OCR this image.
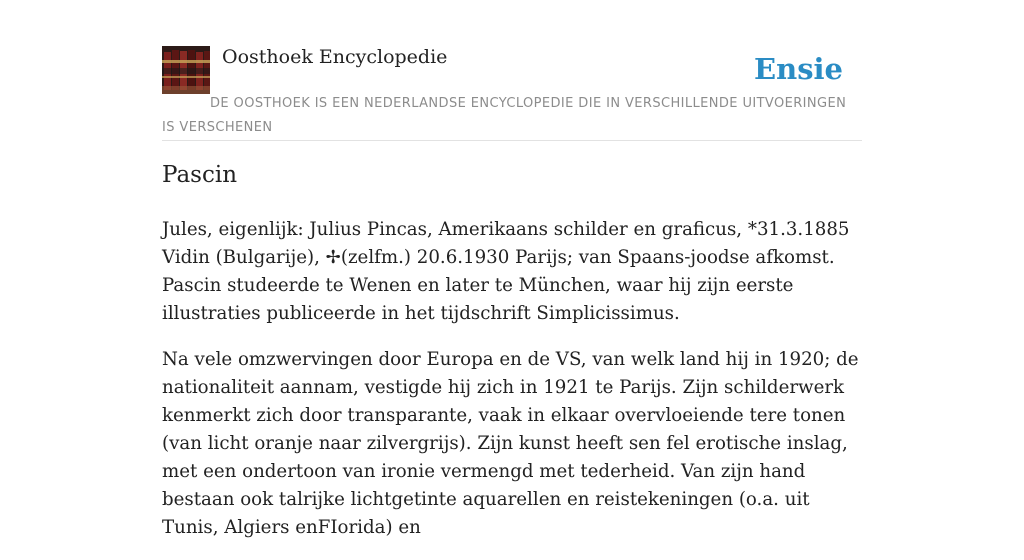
Oosthoek Encyclopedie	Ensie
DE OOSTHOEK IS EEN NEDERLANDSE ENCYCLOPEDIE DIE IN VERSCHILLENDE UITVOERINGEN IS VERSCHENEN
Pascin

Jules, eigenlijk: Julius Pincas, Amerikaans schilder en graficus, *31.3.1885 Vidin (Bulgarije), ✢(zelfm.) 20.6.1930 Parijs; van Spaans-joodse afkomst. Pascin studeerde te Wenen en later te München, waar hij zijn eerste illustraties publiceerde in het tijdschrift Simplicissimus.

Na vele omzwervingen door Europa en de VS, van welk land hij in 1920; de nationaliteit aannam, vestigde hij zich in 1921 te Parijs. Zijn schilderwerk kenmerkt zich door transparante, vaak in elkaar overvloeiende tere tonen (van licht oranje naar zilvergrijs). Zijn kunst heeft sen fel erotische inslag, met een ondertoon van ironie vermengd met tederheid. Van zijn hand bestaan ook talrijke lichtgetinte aquarellen en reistekeningen (o.a. uit Tunis, Algiers enFIorida) en
